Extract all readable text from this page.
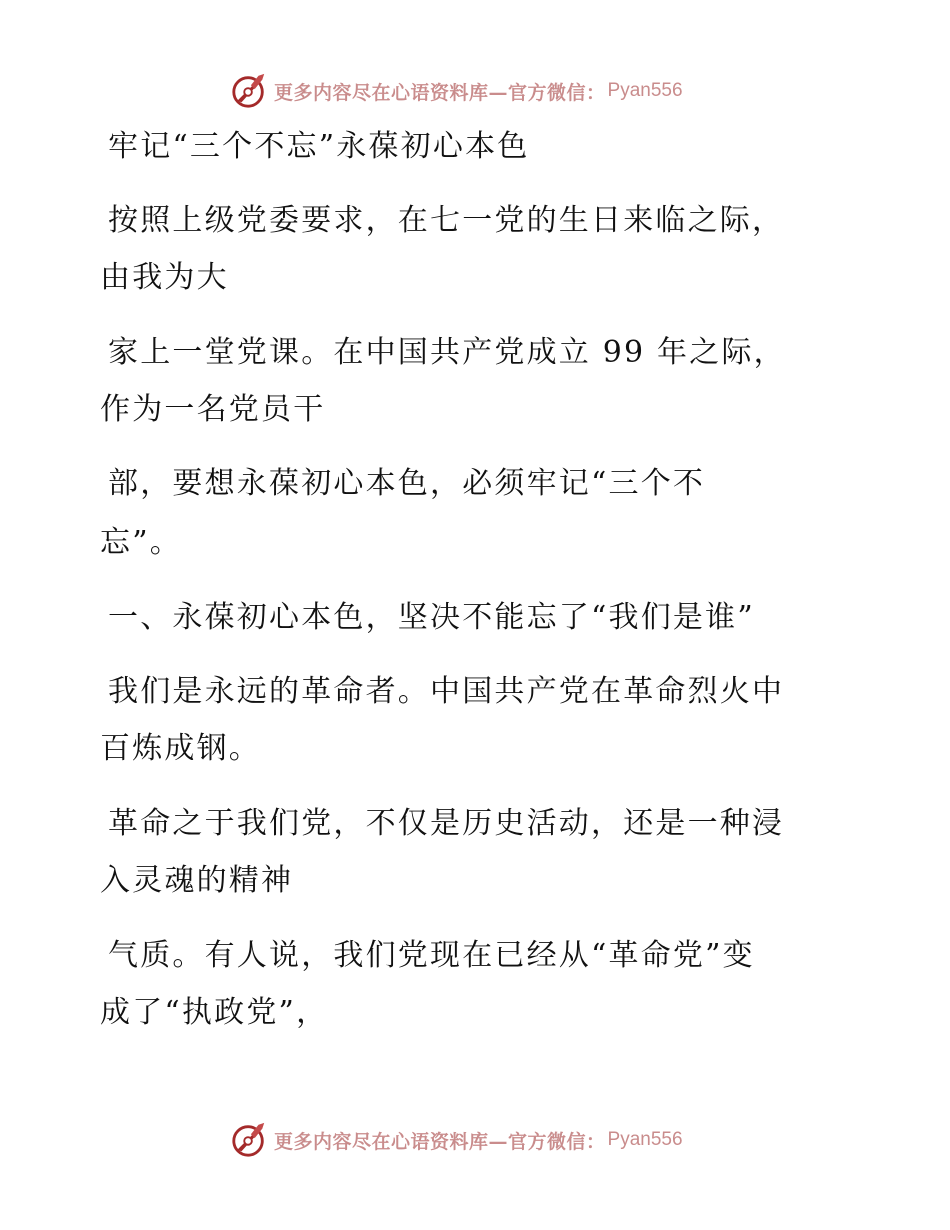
更多内容尽在心语资料库—官方微信： Pyan556
牢记“三个不忘”永葆初心本色
按照上级党委要求，在七一党的生日来临之际，
由我为大
家上一堂党课。在中国共产党成立 99 年之际，
作为一名党员干
部，要想永葆初心本色，必须牢记“三个不
忘”。
一、永葆初心本色，坚决不能忘了“我们是谁”
我们是永远的革命者。中国共产党在革命烈火中
百炼成钢。
革命之于我们党，不仅是历史活动，还是一种浸
入灵魂的精神
气质。有人说，我们党现在已经从“革命党”变
成了“执政党”，
更多内容尽在心语资料库—官方微信： Pyan556
